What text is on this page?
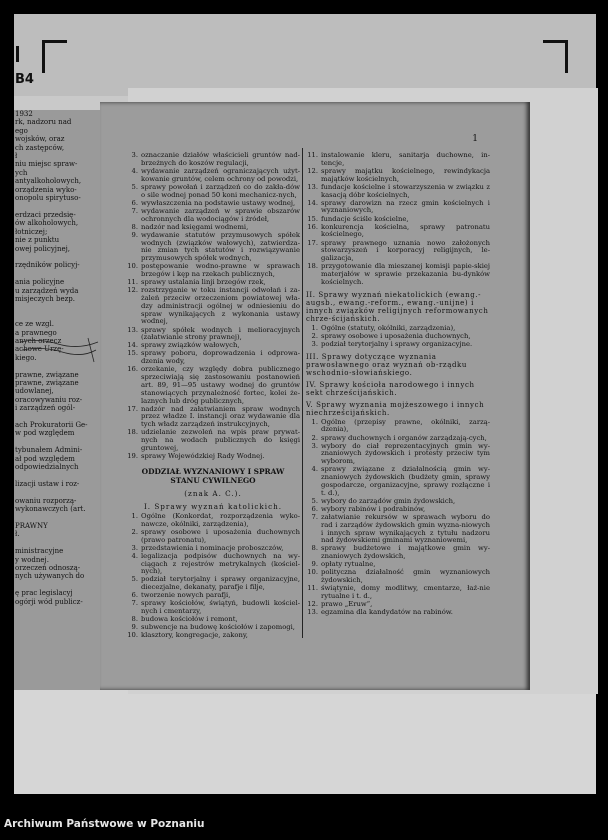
B4
1932
rk, nadzoru nad
ego
wojsków, oraz
ch zastępców,
ł
niu miejsc spraw-
ych
antyalkoholowych,
orządzenia wyko-
onopolu spirytuso-

erdzaci przedsię-
ów alkoholowych,
łotniczej;
nie z punktu
owej policyjnej,

rzędników policyj-

ania policyjne
u zarządzeń wyda
misjeczych bezp.

ce ze wzgl.
a prawnego
anych orzecz
achowe Urzę-
kiego.

prawne, związane
prawne, związane
udowlanej,
oracowywaniu roz-
i zarządzeń ogól-

ach Prokuratorii Ge-
w pod względem

tybunałem Admini-
ał pod względem
odpowiedzialnych

lizacji ustaw i roz-

owaniu rozporzą-
wykonawczych (art.

PRAWNY
ł.

ministracyjne
y wodnej.
orzeczeń odnoszą-
nych używanych do

ę prac legislacyj
ogórji wód publicz-
1
3. oznaczanie działów właścicieli gruntów nad-brzeżnych do koszów regulacji,
4. wydawanie zarządzeń ograniczających użyt-kowanie gruntów, celem ochrony od powodzi,
5. sprawy powołań i zarządzeń co do zakła-dów o sile wodnej ponad 50 koni mechanicz-nych,
6. wywłaszczenia na podstawie ustawy wodnej,
7. wydawanie zarządzeń w sprawie obszarów ochronnych dla wodociągów i źródeł,
8. nadzór nad księgami wodnemi,
9. wydawanie statutów przymusowych spółek wodnych (związków wałowych), zatwierdza-nie zmian tych statutów i rozwiązywanie przymusowych spółek wodnych,
10. postępowanie wodno-prawne w sprawach brzegów i kęp na rzekach publicznych,
11. sprawy ustalania linji brzegów rzek,
12. rozstrzyganie w toku instancji odwołań i za-żaleń przeciw orzeczeniom powiatowej wła-dzy administracji ogólnej w odniesieniu do spraw wynikających z wykonania ustawy wodnej,
13. sprawy spółek wodnych i melioracyjnych (załatwianie strony prawnej),
14. sprawy związków wałowych,
15. sprawy poboru, doprowadzenia i odprowa-dzenia wody,
16. orzekanie, czy względy dobra publicznego sprzeciwiają się zastosowaniu postanowień art. 89, 91—95 ustawy wodnej do gruntów stanowiących przynależność fortec, kolei że-laznych lub dróg publicznych,
17. nadzór nad załatwianiem spraw wodnych przez władze I. instancji oraz wydawanie dla tych władz zarządzeń instrukcyjnych,
18. udzielanie zezwoleń na wpis praw prywat-nych na wodach publicznych do księgi gruntowej,
19. sprawy Wojewódzkiej Rady Wodnej.
ODDZIAŁ WYZNANIOWY I SPRAW STANU CYWILNEGO
(znak A. C.).
I. Sprawy wyznań katolickich.
1. Ogólne (Konkordat, rozporządzenia wyko-nawcze, okólniki, zarządzenia),
2. sprawy osobowe i uposażenia duchownych (prawo patronatu),
3. przedstawienia i nominacje proboszczów,
4. legalizacja podpisów duchownych na wy-ciągach z rejestrów metrykalnych (kościel-nych),
5. podział terytorjalny i sprawy organizacyjne, diecezjalne, dekanaty, parafje i filje,
6. tworzenie nowych parafji,
7. sprawy kościołów, świątyń, budowli kościel-nych i cmentarzy,
8. budowa kościołów i remont,
9. subwencje na budowę kościołów i zapomogi,
10. klasztory, kongregacje, zakony,
11. instalowanie kleru, sanitarja duchowne, in-tencje,
12. sprawy majątku kościelnego, rewindykacja majątków kościelnych,
13. fundacje kościelne i stowarzyszenia w związku z kasacją dóbr kościelnych,
14. sprawy darowizn na rzecz gmin kościelnych i wyznaniowych,
15. fundacje ściśle kościelne,
16. konkurencja kościelna, sprawy patronatu kościelnego,
17. sprawy prawnego uznania nowo założonych stowarzyszeń i korporacyj religijnych, le-galizacja,
18. przygotowanie dla mieszanej komisji papie-skiej materjałów w sprawie przekazania bu-dynków kościelnych.
II. Sprawy wyznań niekatolickich (ewang.-augsb., ewang.-reform., ewang.-unijne) i innych związków religijnych reformowanych chrze-ścijańskich.
1. Ogólne (statuty, okólniki, zarządzenia),
2. sprawy osobowe i uposażenia duchownych,
3. podział terytorjalny i sprawy organizacyjne.
III. Sprawy dotyczące wyznania prawosławnego oraz wyznań ob-rządku wschodnio-słowiańskiego.
IV. Sprawy kościoła narodowego i innych sekt chrześcijańskich.
V. Sprawy wyznania mojżeszowego i innych niechrześcijańskich.
1. Ogólne (przepisy prawne, okólniki, zarzą-dzenia),
2. sprawy duchownych i organów zarządzają-cych,
3. wybory do ciał reprezentacyjnych gmin wy-znaniowych żydowskich i protesty przeciw tym wyborom,
4. sprawy związane z działalnością gmin wy-znaniowych żydowskich (budżety gmin, sprawy gospodarcze, organizacyjne, sprawy rozłączne i t. d.),
5. wybory do zarządów gmin żydowskich,
6. wybory rabinów i podrabinów,
7. załatwianie rekursów w sprawach wyboru do rad i zarządów żydowskich gmin wyzna-niowych i innych spraw wynikających z tytułu nadzoru nad żydowskiemi gminami wyznaniowemi,
8. sprawy budżetowe i majątkowe gmin wy-znaniowych żydowskich,
9. opłaty rytualne,
10. polityczna działalność gmin wyznaniowych żydowskich,
11. świątynie, domy modlitwy, cmentarze, łaź-nie rytualne i t. d.,
12. prawo „Eruw“,
13. egzamina dla kandydatów na rabinów.
Archiwum Państwowe w Poznaniu
